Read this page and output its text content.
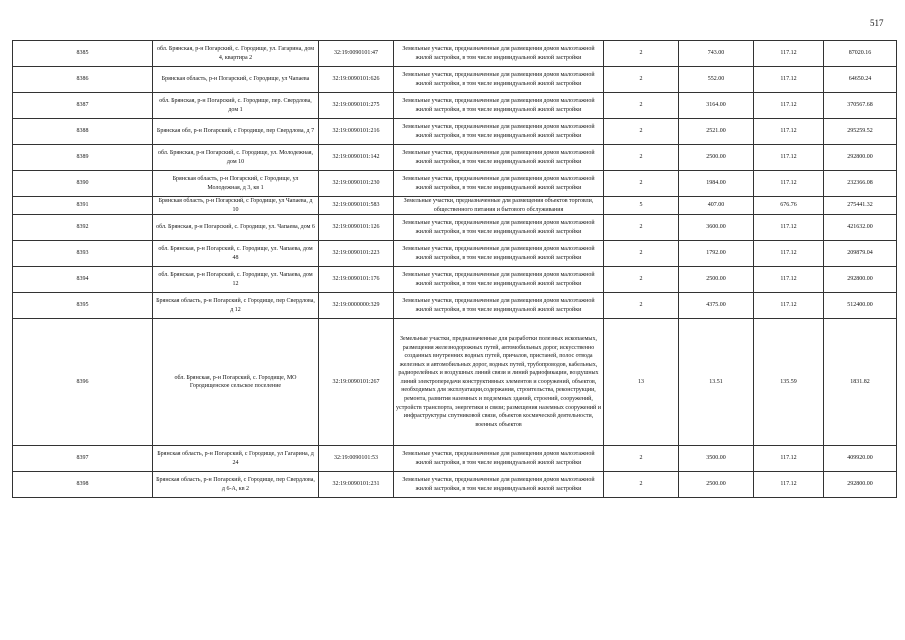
517
8385	обл. Брянская, р-н Погарский, с. Городище, ул. Гагарина, дом 4, квартира 2	32:19:0090101:47	Земельные участки, предназначенные для размещения домов малоэтажной жилой застройки, в том числе индивидуальной жилой застройки	2	743.00	117.12	87020.16
8386	Брянская область, р-н Погарский, с Городище, ул Чапаева	32:19:0090101:626	Земельные участки, предназначенные для размещения домов малоэтажной жилой застройки, в том числе индивидуальной жилой застройки	2	552.00	117.12	64650.24
8387	обл. Брянская, р-н Погарский, с. Городище, пер. Свердлова, дом 1	32:19:0090101:275	Земельные участки, предназначенные для размещения домов малоэтажной жилой застройки, в том числе индивидуальной жилой застройки	2	3164.00	117.12	370567.68
8388	Брянская обл, р-н Погарский, с Городище, пер Свердлова, д 7	32:19:0090101:216	Земельные участки, предназначенные для размещения домов малоэтажной жилой застройки, в том числе индивидуальной жилой застройки	2	2521.00	117.12	295259.52
8389	обл. Брянская, р-н Погарский, с. Городище, ул. Молодежная, дом 10	32:19:0090101:142	Земельные участки, предназначенные для размещения домов малоэтажной жилой застройки, в том числе индивидуальной жилой застройки	2	2500.00	117.12	292800.00
8390	Брянская область, р-н Погарский, с Городище, ул Молодежная, д 3, кв 1	32:19:0090101:230	Земельные участки, предназначенные для размещения домов малоэтажной жилой застройки, в том числе индивидуальной жилой застройки	2	1984.00	117.12	232366.08
8391	Брянская область, р-н Погарский, с Городище, ул Чапаева, д 10	32:19:0090101:583	Земельные участки, предназначенные для размещения объектов торговли, общественного питания и бытового обслуживания	5	407.00	676.76	275441.32
8392	обл. Брянская, р-н Погарский, с. Городище, ул. Чапаева, дом 6	32:19:0090101:126	Земельные участки, предназначенные для размещения домов малоэтажной жилой застройки, в том числе индивидуальной жилой застройки	2	3600.00	117.12	421632.00
8393	обл. Брянская, р-н Погарский, с. Городище, ул. Чапаева, дом 48	32:19:0090101:223	Земельные участки, предназначенные для размещения домов малоэтажной жилой застройки, в том числе индивидуальной жилой застройки	2	1792.00	117.12	209879.04
8394	обл. Брянская, р-н Погарский, с. Городище, ул. Чапаева, дом 12	32:19:0090101:176	Земельные участки, предназначенные для размещения домов малоэтажной жилой застройки, в том числе индивидуальной жилой застройки	2	2500.00	117.12	292800.00
8395	Брянская область, р-н Погарский, с Городище, пер Свердлова, д 12	32:19:0000000:329	Земельные участки, предназначенные для размещения домов малоэтажной жилой застройки, в том числе индивидуальной жилой застройки	2	4375.00	117.12	512400.00
8396	обл. Брянская, р-н Погарский, с. Городище, МО Городищенское сельское поселение	32:19:0090101:267	Земельные участки, предназначенные для разработки полезных ископаемых, размещения железнодорожных путей, автомобильных дорог, искусственно созданных внутренних водных путей, причалов, пристаней, полос отвода железных и автомобильных дорог, водных путей, трубопроводов, кабельных, радиорелейных и воздушных линий связи и линий радиофикации, воздушных линий электропередачи конструктивных элементов и сооружений, объектов, необходимых для эксплуатации,содержания, строительства, реконструкции, ремонта, развития наземных и подземных зданий, строений, сооружений, устройств транспорта, энергетики и связи; размещения наземных сооружений и инфраструктуры спутниковой связи, объектов космической деятельности, военных объектов	13	13.51	135.59	1831.82
8397	Брянская область, р-н Погарский, с Городище, ул Гагарина, д 24	32:19:0090101:53	Земельные участки, предназначенные для размещения домов малоэтажной жилой застройки, в том числе индивидуальной жилой застройки	2	3500.00	117.12	409920.00
8398	Брянская область, р-н Погарский, с Городище, пер Свердлова, д 6-А, кв 2	32:19:0090101:231	Земельные участки, предназначенные для размещения домов малоэтажной жилой застройки, в том числе индивидуальной жилой застройки	2	2500.00	117.12	292800.00
